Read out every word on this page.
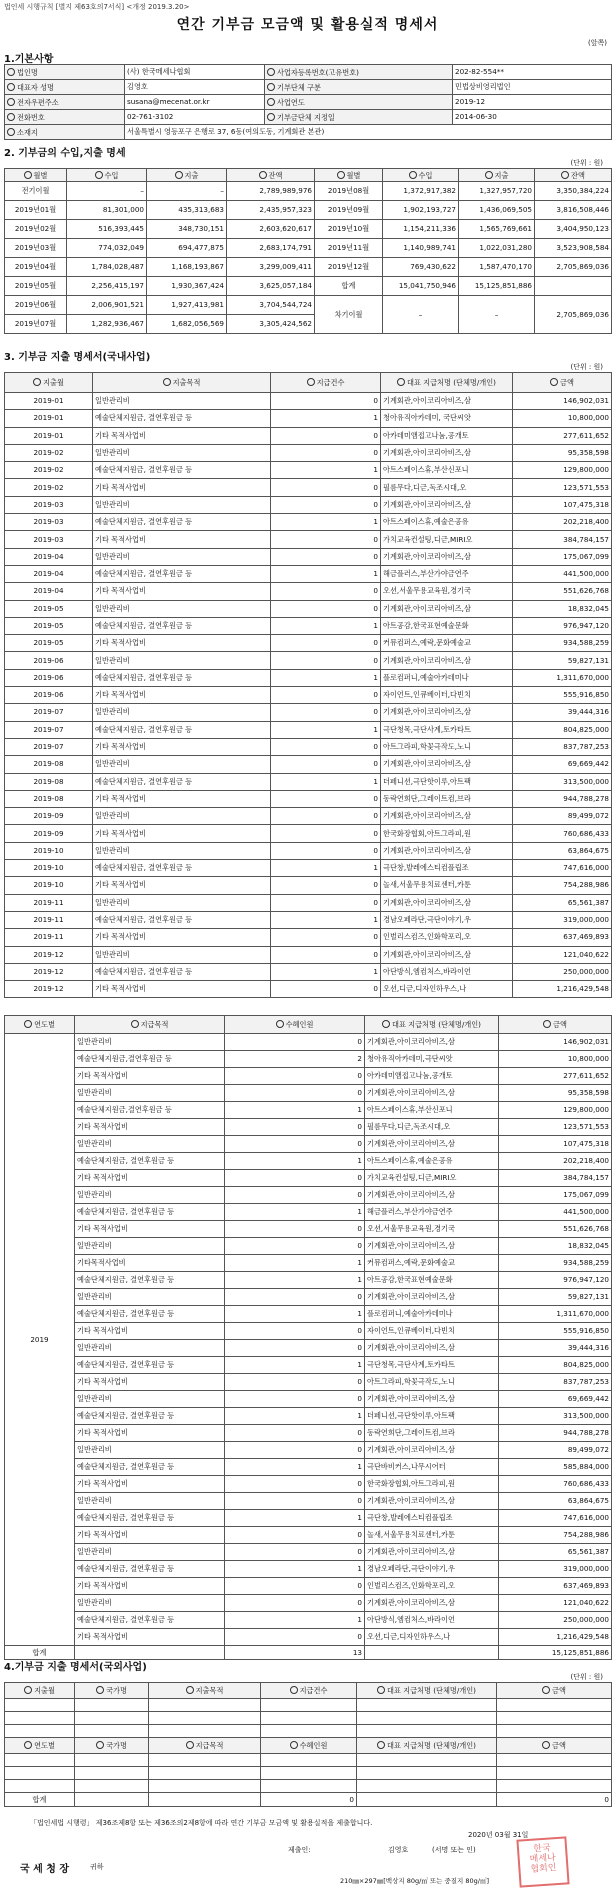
법인세 시행규칙 [별지 제63호의7서식] <개정 2019.3.20>
연간 기부금 모금액 및 활용실적 명세서
(앞쪽)
1.기본사항
법인명	(사) 한국메세나협회	사업자등록번호(고유번호)	202-82-554**
대표자 성명	김영호	기부단체 구분	민법상비영리법인
전자우편주소	susana@mecenat.or.kr	사업연도	2019-12
전화번호	02-761-3102	기부금단체 지정일	2014-06-30
소재지	서울특별시 영등포구 은행로 37, 6동(여의도동, 기계회관 본관)		
2. 기부금의 수입,지출 명세
(단위 : 원)
월별	수입	지출	잔액	월별	수입	지출	잔액
전기이월	–	–	2,789,989,976	2019년08월	1,372,917,382	1,327,957,720	3,350,384,224
2019년01월	81,301,000	435,313,683	2,435,957,323	2019년09월	1,902,193,727	1,436,069,505	3,816,508,446
2019년02월	516,393,445	348,730,151	2,603,620,617	2019년10월	1,154,211,336	1,565,769,661	3,404,950,123
2019년03월	774,032,049	694,477,875	2,683,174,791	2019년11월	1,140,989,741	1,022,031,280	3,523,908,584
2019년04월	1,784,028,487	1,168,193,867	3,299,009,411	2019년12월	769,430,622	1,587,470,170	2,705,869,036
2019년05월	2,256,415,197	1,930,367,424	3,625,057,184	합계	15,041,750,946	15,125,851,886	
2019년06월	2,006,901,521	1,927,413,981	3,704,544,724	차기이월	–	–	2,705,869,036
2019년07월	1,282,936,467	1,682,056,569	3,305,424,562				
3. 기부금 지출 명세서(국내사업)
(단위 : 원)
지출월	지출목적	지급건수	대표 지급처명 (단체명/개인)	금액
2019-01	일반관리비	0	기계회관,아이코리아비즈,삼	146,902,031
2019-01	예술단체지원금, 결연후원금 등	1	청아유직아카데미, 국단씨앗	10,800,000
2019-01	기타 목적사업비	0	아카데미앰접고나눔,공개토	277,611,652
2019-02	일반관리비	0	기계회관,아이코리아비즈,삼	95,358,598
2019-02	예술단체지원금, 결연후원금 등	1	아트스페이스휴,부산신포니	129,800,000
2019-02	기타 목적사업비	0	필름무다,디귿,독조시대,오	123,571,553
2019-03	일반관리비	0	기계회관,아이코리아비즈,삼	107,475,318
2019-03	예술단체지원금, 결연후원금 등	1	아트스페이스휴,예술은공유	202,218,400
2019-03	기타 목적사업비	0	가치교육컨설팅,디귿,MIRI오	384,784,157
2019-04	일반관리비	0	기계회관,아이코리아비즈,삼	175,067,099
2019-04	예술단체지원금, 결연후원금 등	1	해금플러스,부산가야금연주	441,500,000
2019-04	기타 목적사업비	0	오션,서울무용교육원,경기국	551,626,768
2019-05	일반관리비	0	기계회관,아이코리아비즈,삼	18,832,045
2019-05	예술단체지원금, 결연후원금 등	1	아트공감,한국표현예술문화	976,947,120
2019-05	기타 목적사업비	0	커뮤컴퍼스,예락,문화예술교	934,588,259
2019-06	일반관리비	0	기계회관,아이코리아비즈,삼	59,827,131
2019-06	예술단체지원금, 결연후원금 등	1	플로컴퍼니,예술아카데미나	1,311,670,000
2019-06	기타 목적사업비	0	자이언트,인큐베이터,다빈치	555,916,850
2019-07	일반관리비	0	기계회관,아이코리아비즈,삼	39,444,316
2019-07	예술단체지원금, 결연후원금 등	1	극단청목,극단사계,토카타트	804,825,000
2019-07	기타 목적사업비	0	아트그라피,학꽃극작도,노니	837,787,253
2019-08	일반관리비	0	기계회관,아이코리아비즈,삼	69,669,442
2019-08	예술단체지원금, 결연후원금 등	1	더페니션,극단핫이루,아트팩	313,500,000
2019-08	기타 목적사업비	0	동락연희단,그레이트컴,브라	944,788,278
2019-09	일반관리비	0	기계회관,아이코리아비즈,삼	89,499,072
2019-09	기타 목적사업비	0	한국화장협회,아트그라피,원	760,686,433
2019-10	일반관리비	0	기계회관,아이코리아비즈,삼	63,864,675
2019-10	예술단체지원금, 결연후원금 등	1	극단창,발레에스티컴플립조	747,616,000
2019-10	기타 목적사업비	0	놀새,서울무용치료센터,카툰	754,288,986
2019-11	일반관리비	0	기계회관,아이코리아비즈,삼	65,561,387
2019-11	예술단체지원금, 결연후원금 등	1	경남오페라단,극단이야기,우	319,000,000
2019-11	기타 목적사업비	0	인벌리스컴즈,인화학포리,오	637,469,893
2019-12	일반관리비	0	기계회관,아이코리아비즈,삼	121,040,622
2019-12	예술단체지원금, 결연후원금 등	1	아단방식,엠컴처스,바라이언	250,000,000
2019-12	기타 목적사업비	0	오션,디귿,디자인하우스,나	1,216,429,548
연도별	지급목적	수혜인원	대표 지급처명 (단체명/개인)	금액
2019	일반관리비	0	기계회관,아이코리아비즈,삼	146,902,031
	예술단체지원금,결연후원금 등	2	청아유직아카데미,극단씨앗	10,800,000
	기타 목적사업비	0	아카데미앰접고나눔,공개토	277,611,652
	일반관리비	0	기계회관,아이코리아비즈,삼	95,358,598
	예술단체지원금,결연후원금 등	1	아트스페이스휴,부산신포니	129,800,000
	기타 목적사업비	0	필름무다,디귿,독조시대,오	123,571,553
	일반관리비	0	기계회관,아이코리아비즈,삼	107,475,318
	예술단체지원금, 결연후원금 등	1	아트스페이스휴,예술은공유	202,218,400
	기타 목적사업비	0	가치교육컨설팅,디귿,MIRI오	384,784,157
	일반관리비	0	기계회관,아이코리아비즈,삼	175,067,099
	예술단체지원금, 결연후원금 등	1	해금플러스,부산가야금연주	441,500,000
	기타 목적사업비	0	오션,서울무용교육원,경기국	551,626,768
	일반관리비	0	기계회관,아이코리아비즈,삼	18,832,045
	기타목적사업비	1	커뮤컴퍼스,예락,문화예술교	934,588,259
	예술단체지원금, 결연후원금 등	1	아트공감,한국표현예술문화	976,947,120
	일반관리비	0	기계회관,아이코리아비즈,삼	59,827,131
	예술단체지원금, 결연후원금 등	1	플로컴퍼니,예술아카데미나	1,311,670,000
	기타 목적사업비	0	자이언트,인큐베이터,다빈치	555,916,850
	일반관리비	0	기계회관,아이코리아비즈,삼	39,444,316
	예술단체지원금, 결연후원금 등	1	극단청목,극단사계,토카타트	804,825,000
	기타 목적사업비	0	아트그라피,학꽃극작도,노니	837,787,253
	일반관리비	0	기계회관,아이코리아비즈,삼	69,669,442
	예술단체지원금, 결연후원금 등	1	더페니션,극단핫이루,아트팩	313,500,000
	기타 목적사업비	0	동락연희단,그레이트컴,브라	944,788,278
	일반관리비	0	기계회관,아이코리아비즈,삼	89,499,072
	예술단체지원금, 결연후원금 등	1	극단바비커스,나무시어터	585,884,000
	기타 목적사업비	0	한국화장협회,아트그라피,원	760,686,433
	일반관리비	0	기계회관,아이코리아비즈,삼	63,864,675
	예술단체지원금, 결연후원금 등	1	극단창,발레에스티컴플립조	747,616,000
	기타 목적사업비	0	놀새,서울무용치료센터,카툰	754,288,986
	일반관리비	0	기계회관,아이코리아비즈,삼	65,561,387
	예술단체지원금, 결연후원금 등	1	경남오페라단,극단이야기,우	319,000,000
	기타 목적사업비	0	인벌리스컴즈,인화학포리,오	637,469,893
	일반관리비	0	기계회관,아이코리아비즈,삼	121,040,622
	예술단체지원금, 결연후원금 등	1	아단방식,엠컴처스,바라이언	250,000,000
	기타 목적사업비	0	오션,디귿,디자인하우스,나	1,216,429,548
합계		13		15,125,851,886
4.기부금 지출 명세서(국외사업)
(단위 : 원)
지출월	국가명	지출목적	지급건수	대표 지급처명 (단체명/개인)	금액

연도별	국가명	지급목적	수혜인원	대표 지급처명 (단체명/개인)	금액

합계			0		0
「법인세법 시행령」 제36조제8항 또는 제36조의2제8항에 따라 연간 기부금 모금액 및 활용실적을 제출합니다.
2020년 03월 31일
제출인:	김영호	(서명 또는 인)
국 세 청 장	귀하
210㎜×297㎜[백상지 80g/㎡ 또는 중질지 80g/㎡]
한국
메세나
협회인
